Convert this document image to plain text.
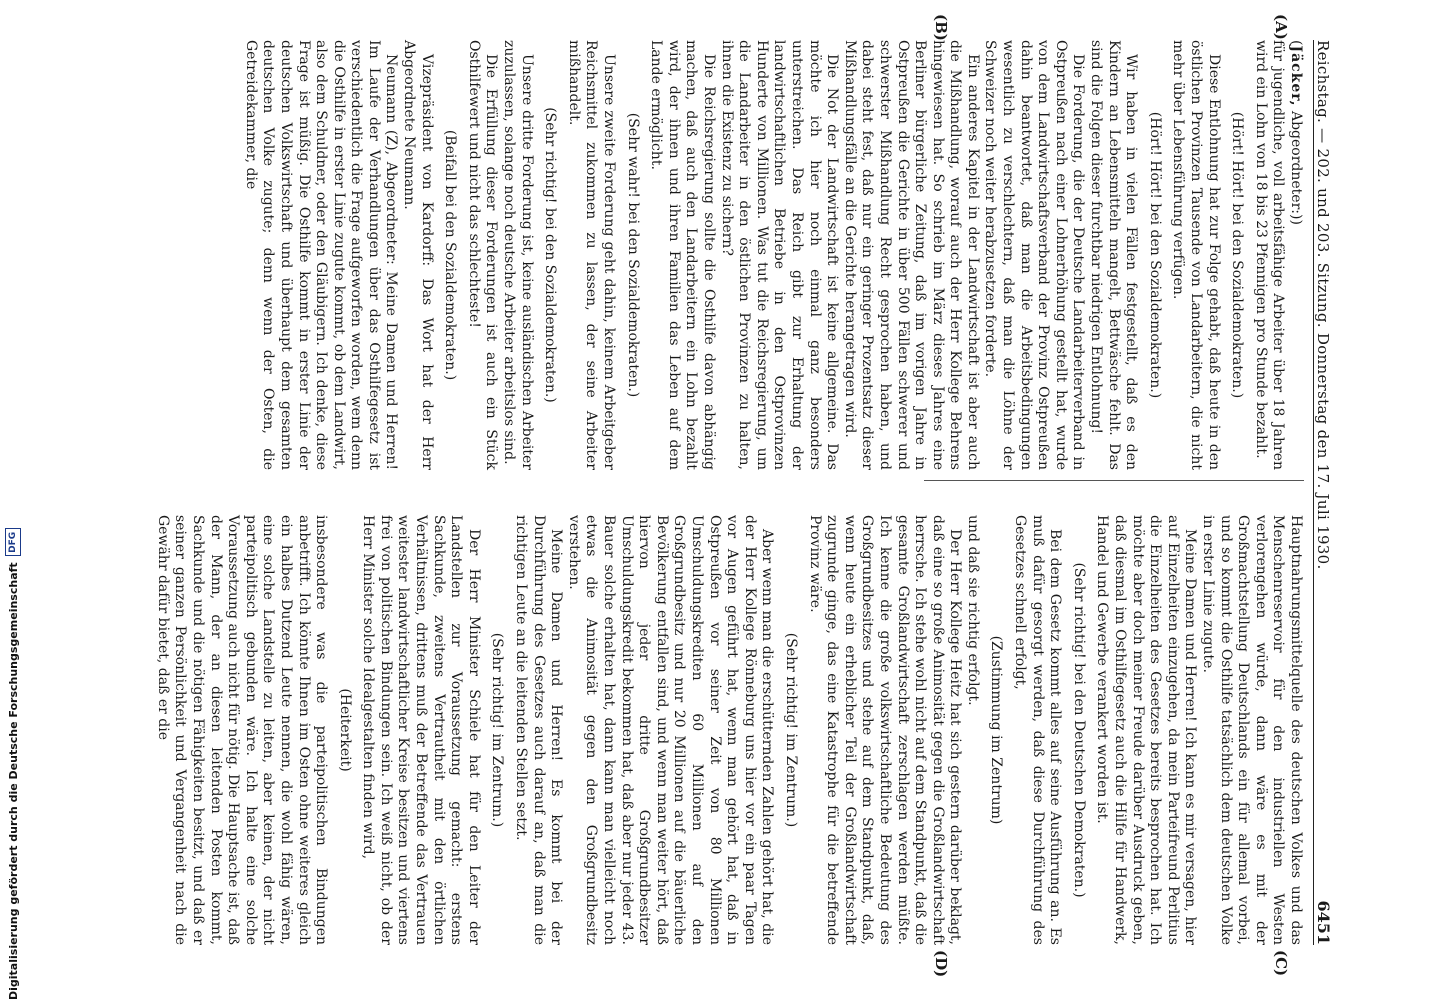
Reichstag. — 202. und 203. Sitzung. Donnerstag den 17. Juli 1930.
6451
(A)
(B)
(C)
(D)

(Jäcker, Abgeordneter:))

für jugendliche, voll arbeitsfähige Arbeiter über 18 Jahren wird ein Lohn von 18 bis 23 Pfennigen pro Stunde bezahlt.

(Hört! Hört! bei den Sozialdemokraten.)

Diese Entlohnung hat zur Folge gehabt, daß heute in den östlichen Provinzen Tausende von Landarbeitern, die nicht mehr über Lebensführung verfügen.

(Hört! Hört! bei den Sozialdemokraten.)

Wir haben in vielen Fällen festgestellt, daß es den Kindern an Lebensmitteln mangelt, Bettwäsche fehlt. Das sind die Folgen dieser furchtbar niedrigen Entlohnung!

Die Forderung, die der Deutsche Landarbeiterverband in Ostpreußen nach einer Lohnerhöhung gestellt hat, wurde von dem Landwirtschaftsverband der Provinz Ostpreußen dahin beantwortet, daß man die Arbeitsbedingungen wesentlich zu verschlechtern, daß man die Löhne der Schweizer noch weiter herabzusetzen forderte.

Ein anderes Kapitel in der Landwirtschaft ist aber auch die Mißhandlung, worauf auch der Herr Kollege Behrens hingewiesen hat. So schrieb im März dieses Jahres eine Berliner bürgerliche Zeitung, daß im vorigen Jahre in Ostpreußen die Gerichte in über 500 Fällen schwerer und schwerster Mißhandlung Recht gesprochen haben, und dabei steht fest, daß nur ein geringer Prozentsatz dieser Mißhandlungsfälle an die Gerichte herangetragen wird.

Die Not der Landwirtschaft ist keine allgemeine. Das möchte ich hier noch einmal ganz besonders unterstreichen. Das Reich gibt zur Erhaltung der landwirtschaftlichen Betriebe in den Ostprovinzen Hunderte von Millionen. Was tut die Reichsregierung, um die Landarbeiter in den östlichen Provinzen zu halten, ihnen die Existenz zu sichern?

Die Reichsregierung sollte die Osthilfe davon abhängig machen, daß auch den Landarbeitern ein Lohn bezahlt wird, der ihnen und ihren Familien das Leben auf dem Lande ermöglicht.

(Sehr wahr! bei den Sozialdemokraten.)

Unsere zweite Forderung geht dahin, keinem Arbeitgeber Reichsmittel zukommen zu lassen, der seine Arbeiter mißhandelt.

(Sehr richtig! bei den Sozialdemokraten.)

Unsere dritte Forderung ist, keine ausländischen Arbeiter zuzulassen, solange noch deutsche Arbeiter arbeitslos sind.

Die Erfüllung dieser Forderungen ist auch ein Stück Osthilfewert und nicht das schlechteste!

(Beifall bei den Sozialdemokraten.)

Vizepräsident von Kardorff: Das Wort hat der Herr Abgeordnete Neumann.

Neumann (Z), Abgeordneter: Meine Damen und Herren! Im Laufe der Verhandlungen über das Osthilfegesetz ist verschiedentlich die Frage aufgeworfen worden, wem denn die Osthilfe in erster Linie zugute kommt, ob dem Landwirt, also dem Schuldner, oder den Gläubigern. Ich denke, diese Frage ist müßig. Die Osthilfe kommt in erster Linie der deutschen Volkswirtschaft und überhaupt dem gesamten deutschen Volke zugute; denn wenn der Osten, die Getreidekammer, die

Hauptnahrungsmittelquelle des deutschen Volkes und das Menschenreservoir für den industriellen Westen verlorengehen würde, dann wäre es mit der Großmachtstellung Deutschlands ein für allemal vorbei, und so kommt die Osthilfe tatsächlich dem deutschen Volke in erster Linie zugute.

Meine Damen und Herren! Ich kann es mir versagen, hier auf Einzelheiten einzugehen, da mein Parteifreund Perlitius die Einzelheiten des Gesetzes bereits besprochen hat. Ich möchte aber doch meiner Freude darüber Ausdruck geben, daß diesmal im Osthilfegesetz auch die Hilfe für Handwerk, Handel und Gewerbe verankert worden ist.

(Sehr richtig! bei den Deutschen Demokraten.)

Bei dem Gesetz kommt alles auf seine Ausführung an. Es muß dafür gesorgt werden, daß diese Durchführung des Gesetzes schnell erfolgt,

(Zustimmung im Zentrum)

und daß sie richtig erfolgt.

Der Herr Kollege Heitz hat sich gestern darüber beklagt, daß eine so große Animosität gegen die Großlandwirtschaft herrsche. Ich stehe wohl nicht auf dem Standpunkt, daß die gesamte Großlandwirtschaft zerschlagen werden müßte. Ich kenne die große volkswirtschaftliche Bedeutung des Großgrundbesitzes und stehe auf dem Standpunkt, daß, wenn heute ein erheblicher Teil der Großlandwirtschaft zugrunde ginge, das eine Katastrophe für die betreffende Provinz wäre.

(Sehr richtig! im Zentrum.)

Aber wenn man die erschütternden Zahlen gehört hat, die der Herr Kollege Rönneburg uns hier vor ein paar Tagen vor Augen geführt hat, wenn man gehört hat, daß in Ostpreußen vor seiner Zeit von 80 Millionen Umschuldungskrediten 60 Millionen auf den Großgrundbesitz und nur 20 Millionen auf die bäuerliche Bevölkerung entfallen sind, und wenn man weiter hört, daß hiervon jeder dritte Großgrundbesitzer Umschuldungskredit bekommen hat, daß aber nur jeder 43. Bauer solche erhalten hat, dann kann man vielleicht noch etwas die Animosität gegen den Großgrundbesitz verstehen.

Meine Damen und Herren! Es kommt bei der Durchführung des Gesetzes auch darauf an, daß man die richtigen Leute an die leitenden Stellen setzt.

(Sehr richtig! im Zentrum.)

Der Herr Minister Schiele hat für den Leiter der Landstellen zur Voraussetzung gemacht: erstens Sachkunde, zweitens Vertrautheit mit den örtlichen Verhältnissen, drittens muß der Betreffende das Vertrauen weitester landwirtschaftlicher Kreise besitzen und viertens frei von politischen Bindungen sein. Ich weiß nicht, ob der Herr Minister solche Idealgestalten finden wird,

(Heiterkeit)

insbesondere was die parteipolitischen Bindungen anbetrifft. Ich könnte Ihnen im Osten ohne weiteres gleich ein halbes Dutzend Leute nennen, die wohl fähig wären, eine solche Landstelle zu leiten, aber keinen, der nicht parteipolitisch gebunden wäre. Ich halte eine solche Voraussetzung auch nicht für nötig. Die Hauptsache ist, daß der Mann, der an diesen leitenden Posten kommt, Sachkunde und die nötigen Fähigkeiten besitzt, und daß er seiner ganzen Persönlichkeit und Vergangenheit nach die Gewähr dafür bietet, daß er die

Digitalisierung gefördert durch die Deutsche Forschungsgemeinschaft
DFG
